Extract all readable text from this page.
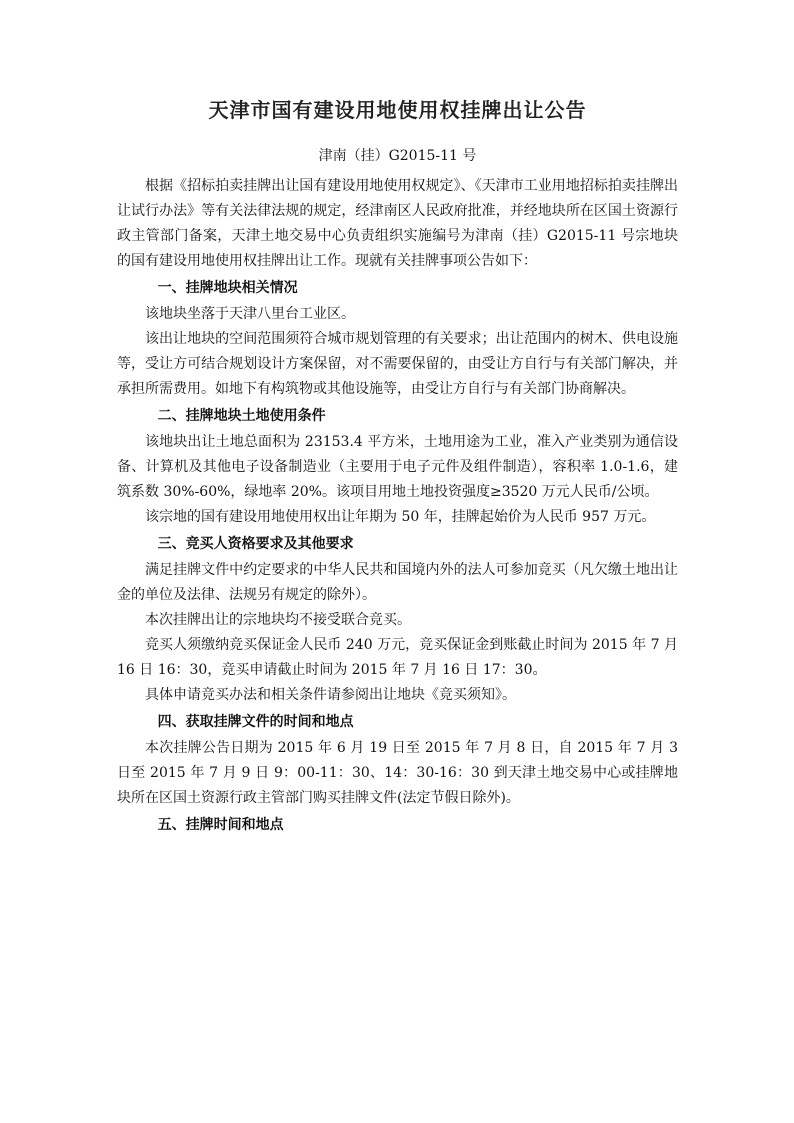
天津市国有建设用地使用权挂牌出让公告
津南（挂）G2015-11 号

根据《招标拍卖挂牌出让国有建设用地使用权规定》、《天津市工业用地招标拍卖挂牌出让试行办法》等有关法律法规的规定，经津南区人民政府批准，并经地块所在区国土资源行政主管部门备案，天津土地交易中心负责组织实施编号为津南（挂）G2015-11 号宗地块的国有建设用地使用权挂牌出让工作。现就有关挂牌事项公告如下：

一、挂牌地块相关情况

该地块坐落于天津八里台工业区。

该出让地块的空间范围须符合城市规划管理的有关要求；出让范围内的树木、供电设施等，受让方可结合规划设计方案保留，对不需要保留的，由受让方自行与有关部门解决，并承担所需费用。如地下有构筑物或其他设施等，由受让方自行与有关部门协商解决。

二、挂牌地块土地使用条件

该地块出让土地总面积为 23153.4 平方米，土地用途为工业，准入产业类别为通信设备、计算机及其他电子设备制造业（主要用于电子元件及组件制造），容积率 1.0-1.6，建筑系数 30%-60%，绿地率 20%。该项目用地土地投资强度≥3520 万元人民币/公顷。

该宗地的国有建设用地使用权出让年期为 50 年，挂牌起始价为人民币 957 万元。

三、竞买人资格要求及其他要求

满足挂牌文件中约定要求的中华人民共和国境内外的法人可参加竞买（凡欠缴土地出让金的单位及法律、法规另有规定的除外）。

本次挂牌出让的宗地块均不接受联合竞买。

竞买人须缴纳竞买保证金人民币 240 万元，竞买保证金到账截止时间为 2015 年 7 月 16 日 16：30，竞买申请截止时间为 2015 年 7 月 16 日 17：30。

具体申请竞买办法和相关条件请参阅出让地块《竞买须知》。

四、获取挂牌文件的时间和地点

本次挂牌公告日期为 2015 年 6 月 19 日至 2015 年 7 月 8 日，自 2015 年 7 月 3 日至 2015 年 7 月 9 日 9：00-11：30、14：30-16：30 到天津土地交易中心或挂牌地块所在区国土资源行政主管部门购买挂牌文件(法定节假日除外)。

五、挂牌时间和地点
